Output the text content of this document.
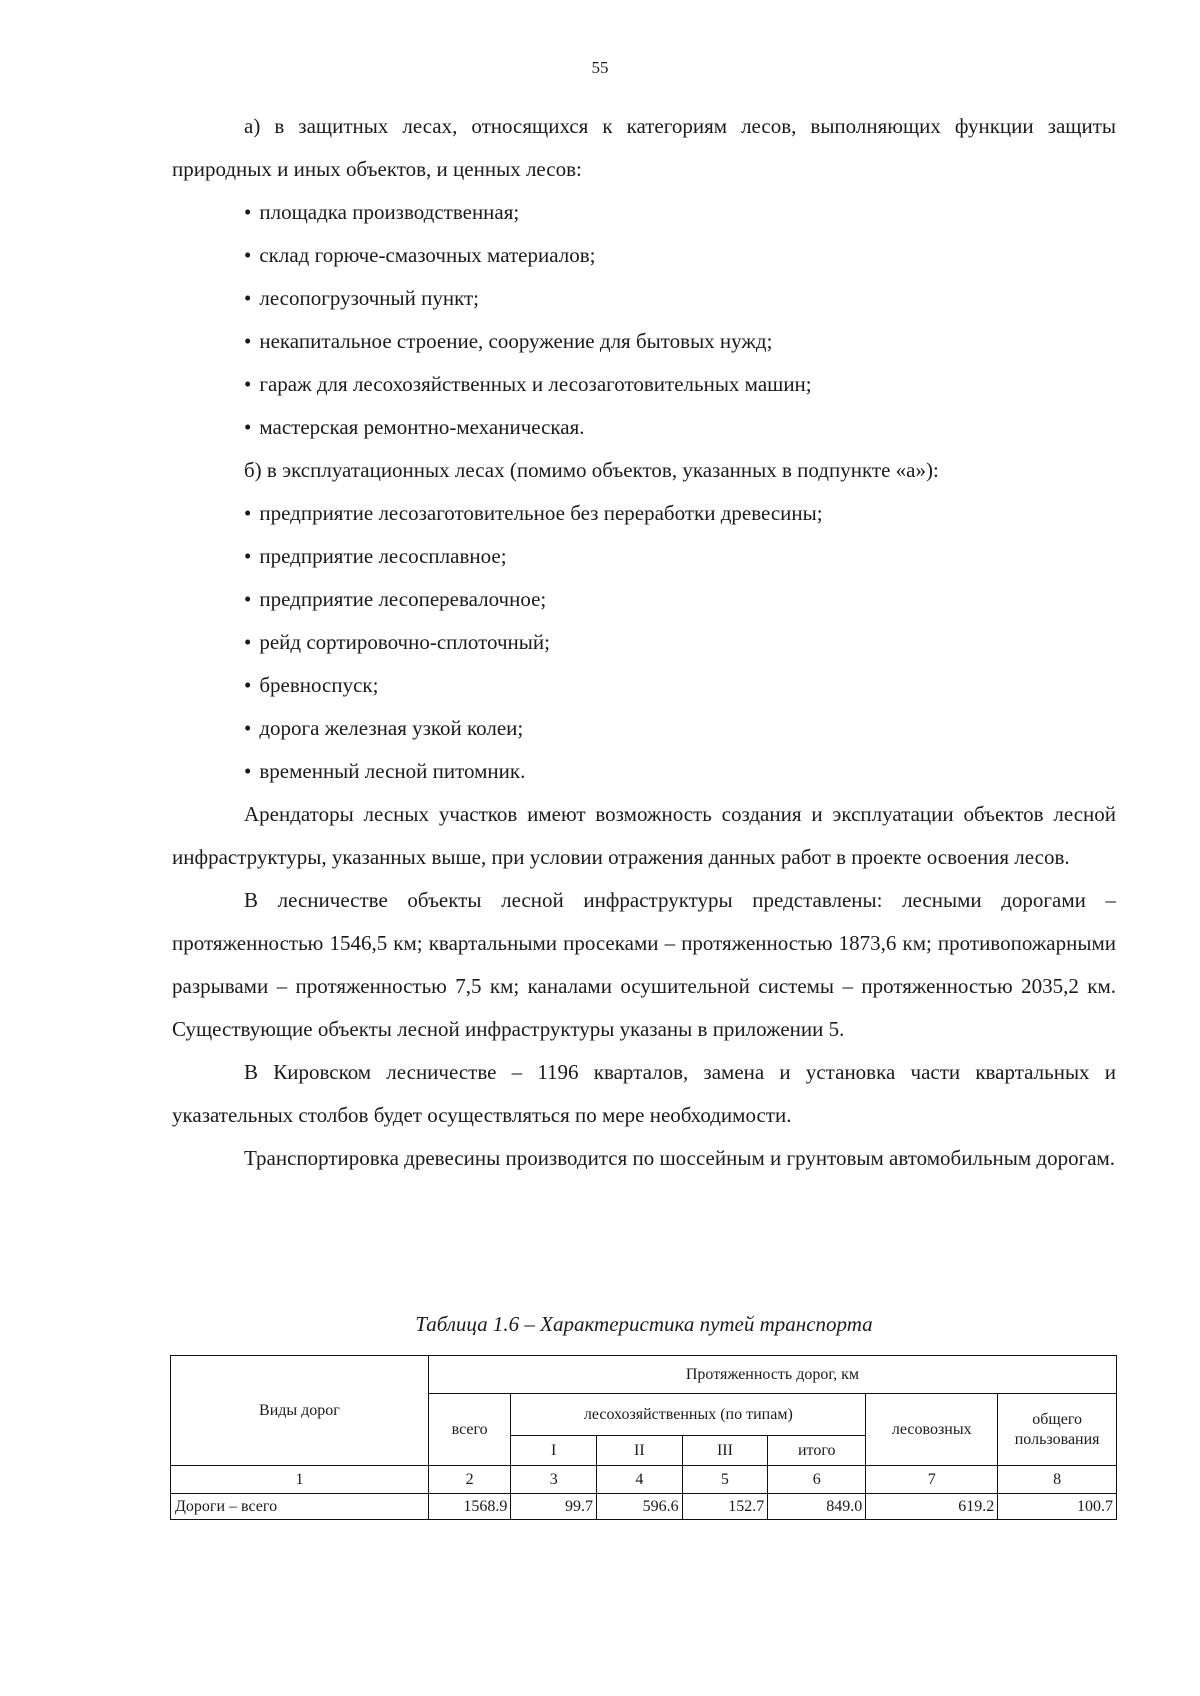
55

а) в защитных лесах, относящихся к категориям лесов, выполняющих функции защиты природных и иных объектов, и ценных лесов:

• площадка производственная;
• склад горюче-смазочных материалов;
• лесопогрузочный пункт;
• некапитальное строение, сооружение для бытовых нужд;
• гараж для лесохозяйственных и лесозаготовительных машин;
• мастерская ремонтно-механическая.

б) в эксплуатационных лесах (помимо объектов, указанных в подпункте «а»):

• предприятие лесозаготовительное без переработки древесины;
• предприятие лесосплавное;
• предприятие лесоперевалочное;
• рейд сортировочно-сплоточный;
• бревноспуск;
• дорога железная узкой колеи;
• временный лесной питомник.

Арендаторы лесных участков имеют возможность создания и эксплуатации объектов лесной инфраструктуры, указанных выше, при условии отражения данных работ в проекте освоения лесов.

В лесничестве объекты лесной инфраструктуры представлены: лесными дорогами – протяженностью 1546,5 км; квартальными просеками – протяженностью 1873,6 км; противопожарными разрывами – протяженностью 7,5 км; каналами осушительной системы – протяженностью 2035,2 км. Существующие объекты лесной инфраструктуры указаны в приложении 5.

В Кировском лесничестве – 1196 кварталов, замена и установка части квартальных и указательных столбов будет осуществляться по мере необходимости.

Транспортировка древесины производится по шоссейным и грунтовым автомобильным дорогам.

Таблица 1.6 – Характеристика путей транспорта
Виды дорог	Протяженность дорог, км						
	всего	лесохозяйственных (по типам)				лесовозных	общего пользования
		I	II	III	итого		
1	2	3	4	5	6	7	8
Дороги – всего	1568.9	99.7	596.6	152.7	849.0	619.2	100.7
